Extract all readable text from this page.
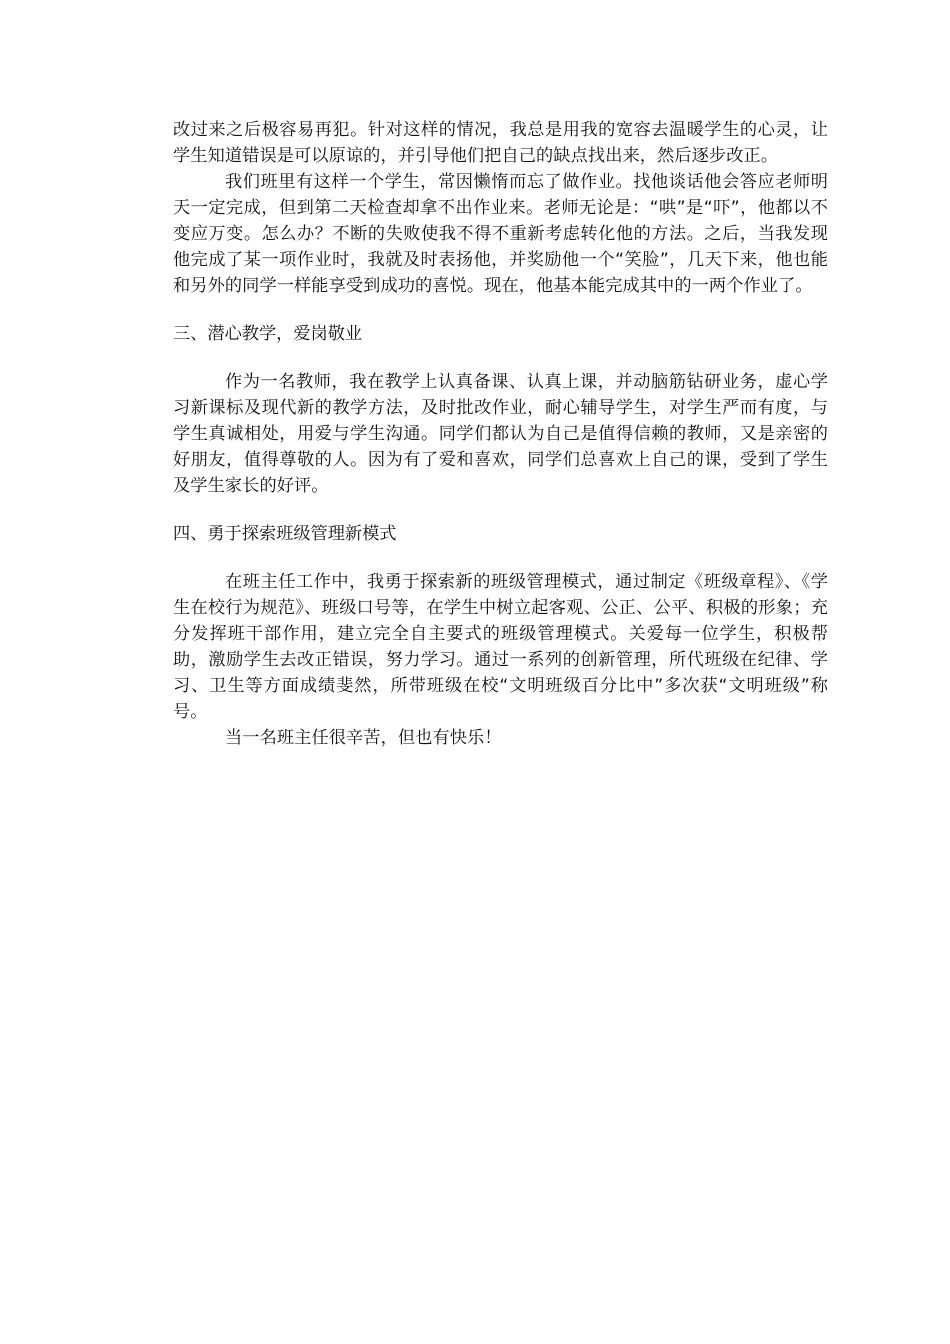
改过来之后极容易再犯。针对这样的情况，我总是用我的宽容去温暖学生的心灵，让学生知道错误是可以原谅的，并引导他们把自己的缺点找出来，然后逐步改正。

我们班里有这样一个学生，常因懒惰而忘了做作业。找他谈话他会答应老师明天一定完成，但到第二天检查却拿不出作业来。老师无论是：“哄”是“吓”，他都以不变应万变。怎么办？不断的失败使我不得不重新考虑转化他的方法。之后，当我发现他完成了某一项作业时，我就及时表扬他，并奖励他一个“笑脸”，几天下来，他也能和另外的同学一样能享受到成功的喜悦。现在，他基本能完成其中的一两个作业了。

三、潜心教学，爱岗敬业

作为一名教师，我在教学上认真备课、认真上课，并动脑筋钻研业务，虚心学习新课标及现代新的教学方法，及时批改作业，耐心辅导学生，对学生严而有度，与学生真诚相处，用爱与学生沟通。同学们都认为自己是值得信赖的教师，又是亲密的好朋友，值得尊敬的人。因为有了爱和喜欢，同学们总喜欢上自己的课，受到了学生及学生家长的好评。

四、勇于探索班级管理新模式

在班主任工作中，我勇于探索新的班级管理模式，通过制定《班级章程》、《学生在校行为规范》、班级口号等，在学生中树立起客观、公正、公平、积极的形象；充分发挥班干部作用，建立完全自主要式的班级管理模式。关爱每一位学生，积极帮助，激励学生去改正错误，努力学习。通过一系列的创新管理，所代班级在纪律、学习、卫生等方面成绩斐然，所带班级在校“文明班级百分比中”多次获“文明班级”称号。

当一名班主任很辛苦，但也有快乐！
